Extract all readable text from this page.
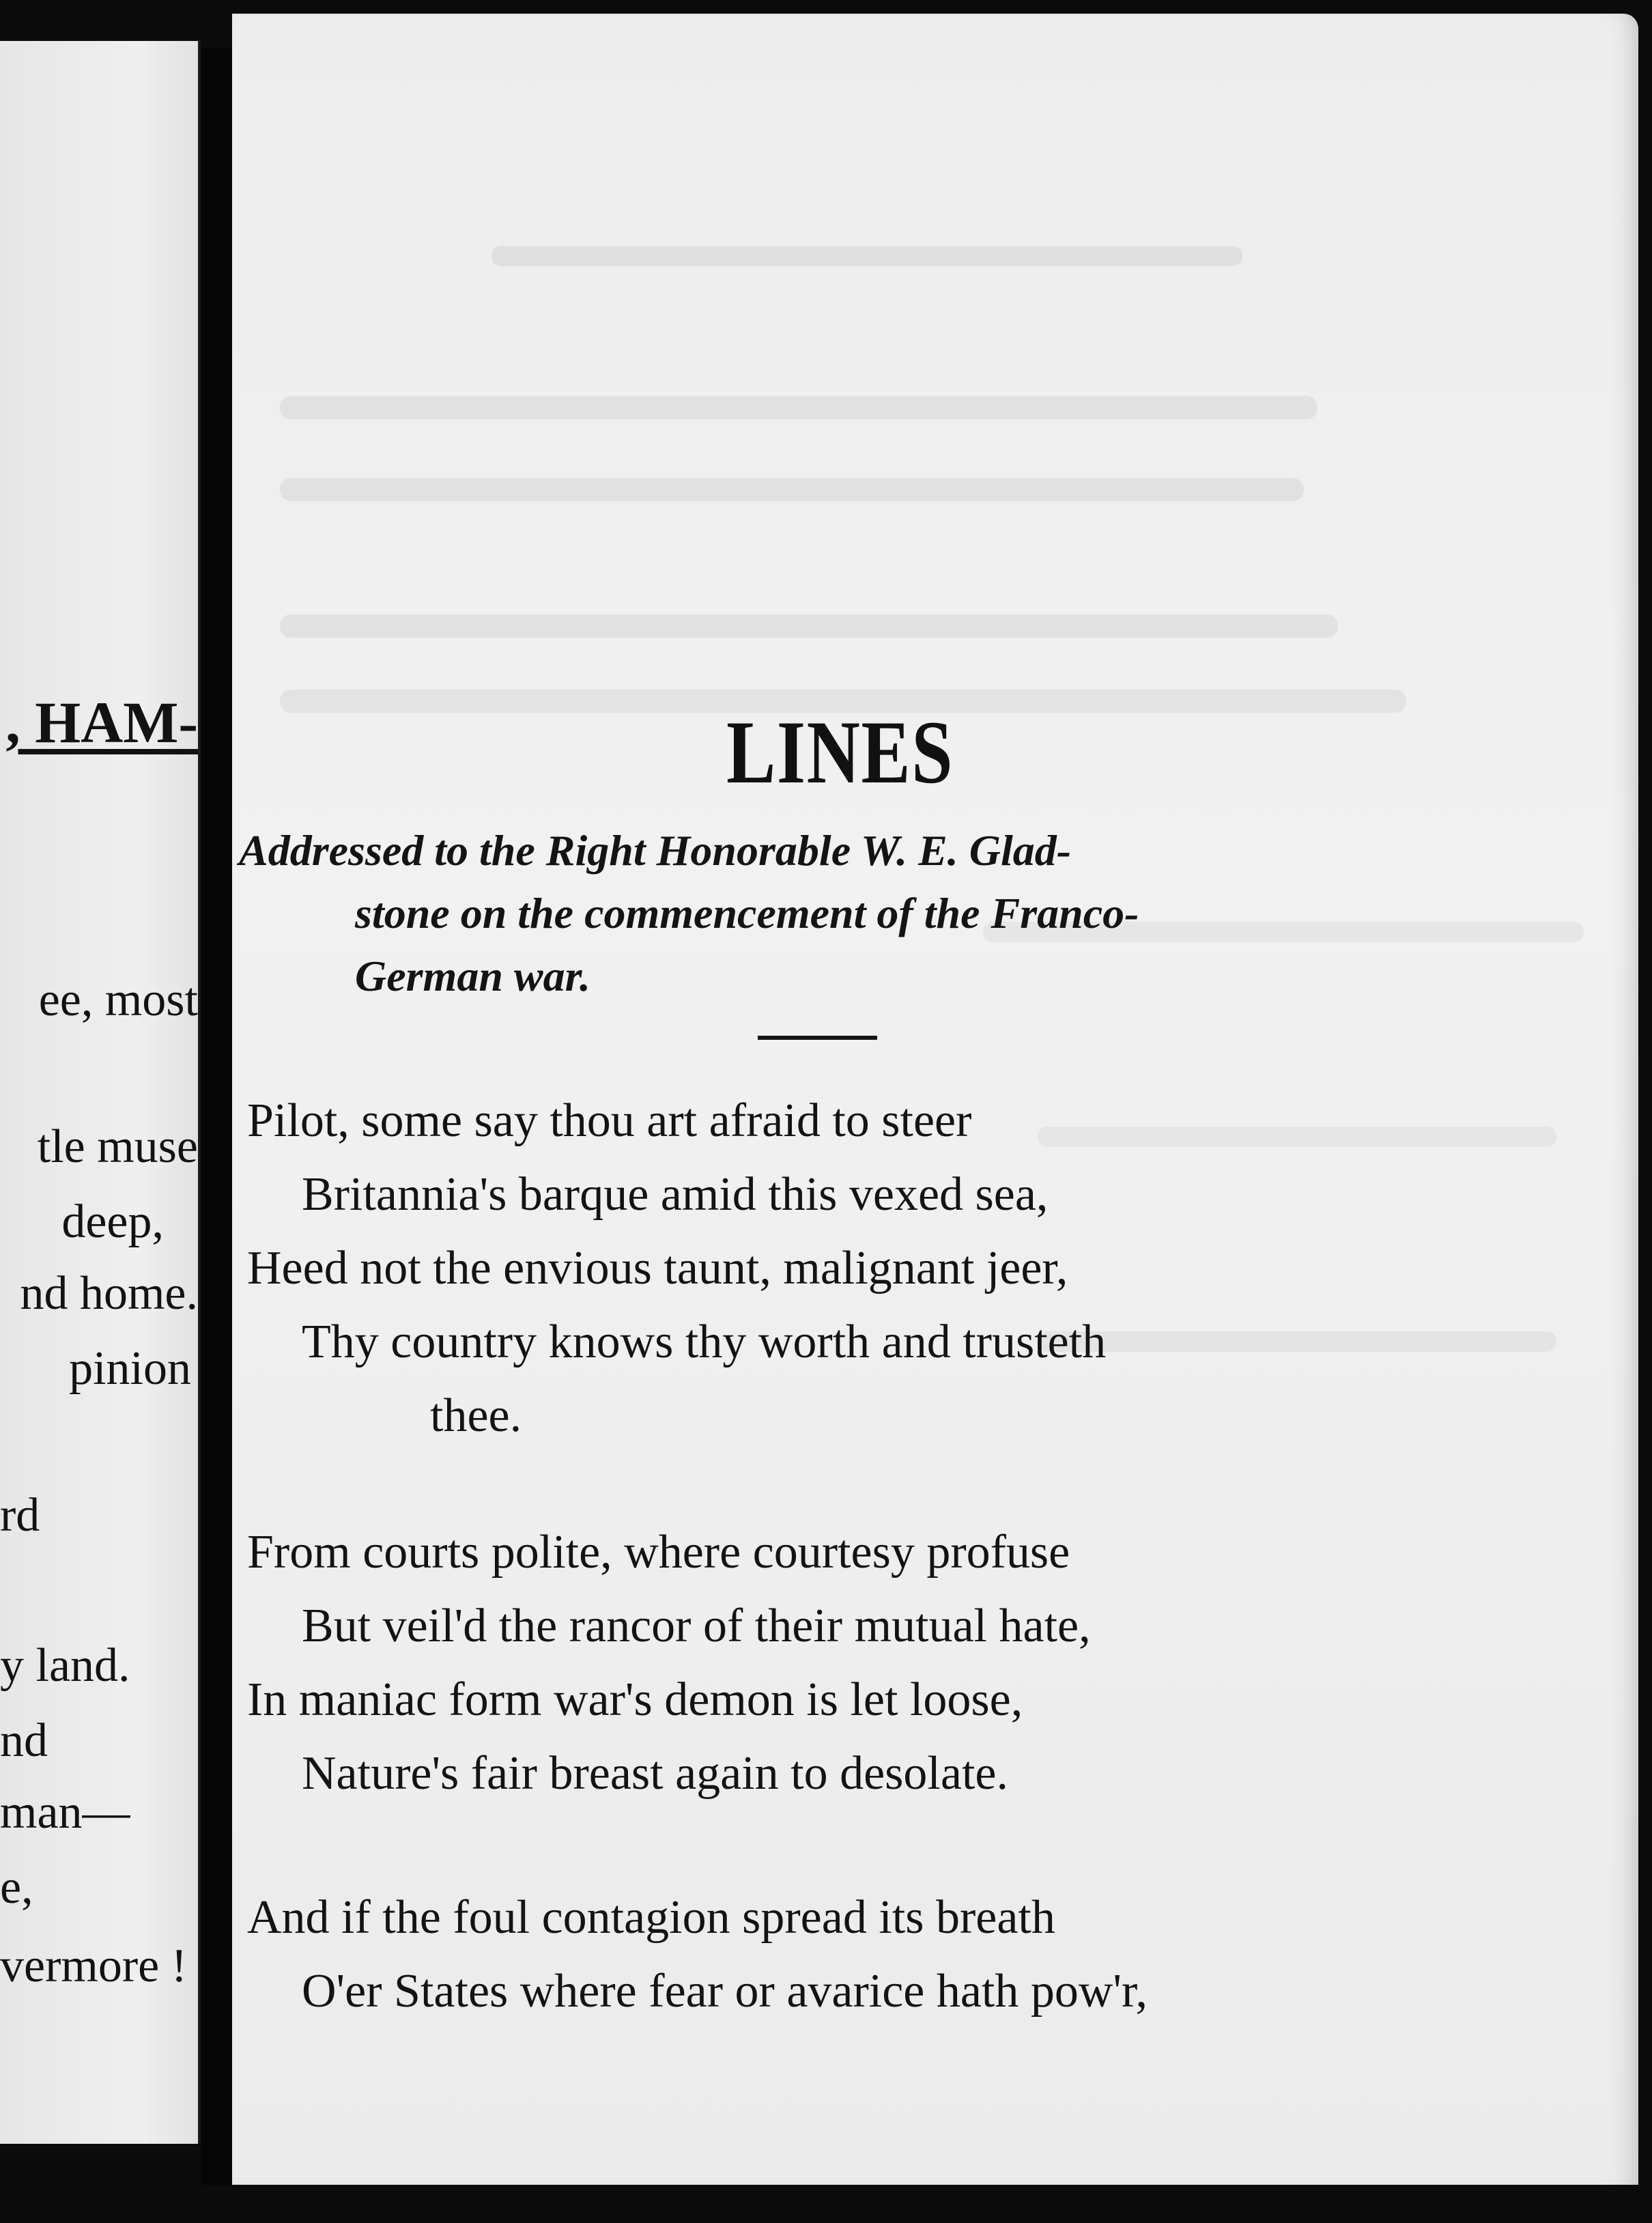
, HAM-
ee, most
tle muse
deep,
nd home.
pinion
rd
y land.
nd
man—
e,
vermore !
LINES
Addressed to the Right Honorable W. E. Glad-
stone on the commencement of the Franco-
German war.
Pilot, some say thou art afraid to steer
Britannia's barque amid this vexed sea,
Heed not the envious taunt, malignant jeer,
Thy country knows thy worth and trusteth
thee.
From courts polite, where courtesy profuse
But veil'd the rancor of their mutual hate,
In maniac form war's demon is let loose,
Nature's fair breast again to desolate.
And if the foul contagion spread its breath
O'er States where fear or avarice hath pow'r,
